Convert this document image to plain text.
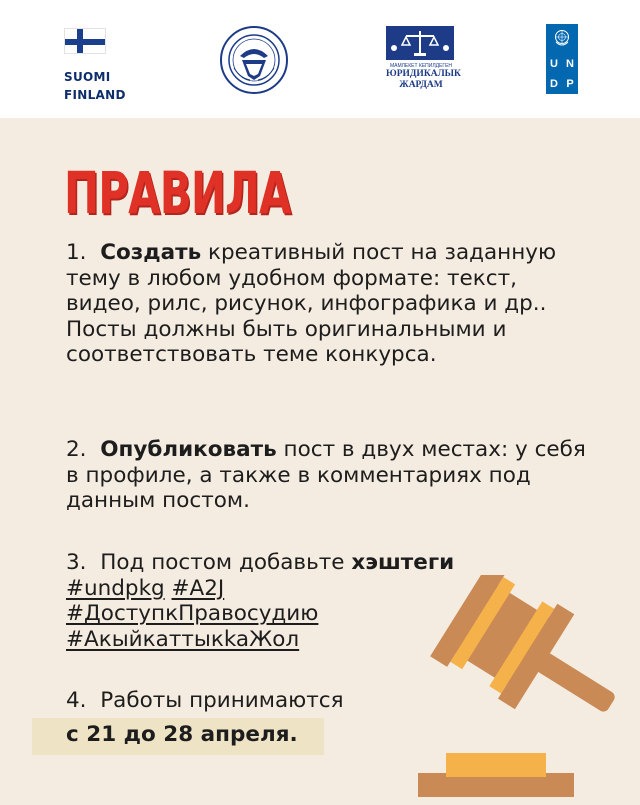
SUOMI
FINLAND
МАМЛЕКЕТ КЕПИЛДЕГЕН
ЮРИДИКАЛЫК
ЖАРДАМ
U N
D P
ПРАВИЛА

1. Создать креативный пост на заданную тему в любом удобном формате: текст, видео, рилс, рисунок, инфографика и др.. Посты должны быть оригинальными и соответствовать теме конкурса.

2. Опубликовать пост в двух местах: у себя в профиле, а также в комментариях под данным постом.

3. Под постом добавьте хэштеги
#undpkg #A2J
#ДоступкПравосудию
#АкыйкаттыкkaЖол

4. Работы принимаются
с 21 до 28 апреля.
